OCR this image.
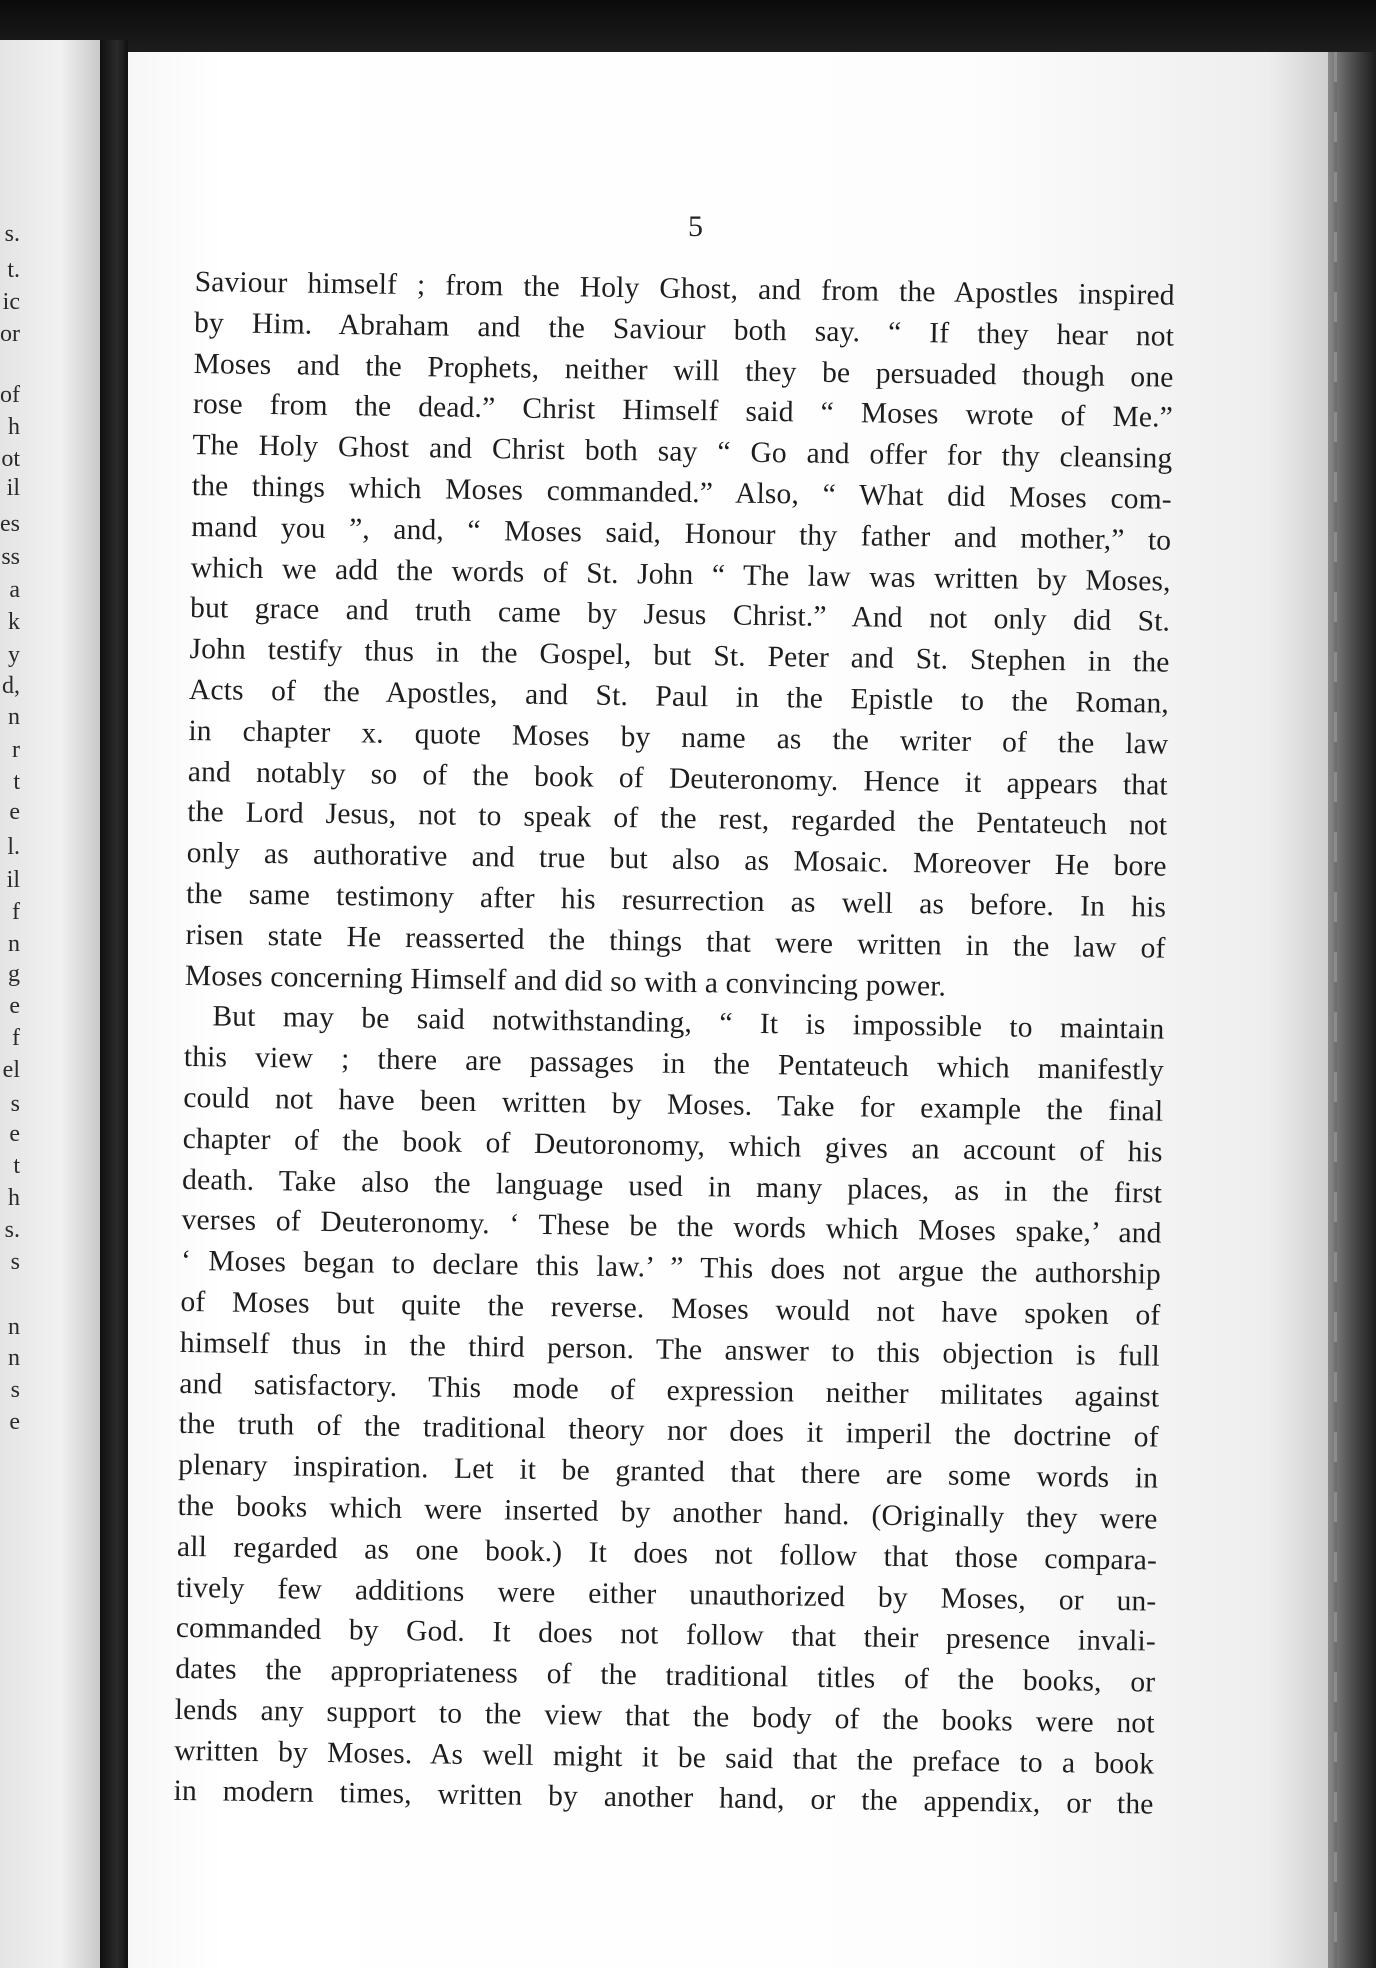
s.
t.
ic
or
of
h
ot
il
es
ss
a
k
y
d,
n
r
t
e
l.
il
f
n
g
e
f
el
s
e
t
h
s.
s
n
n
s
e
5
Saviour himself ; from the Holy Ghost, and from the Apostles inspired
by Him. Abraham and the Saviour both say. “ If they hear not
Moses and the Prophets, neither will they be persuaded though one
rose from the dead.” Christ Himself said “ Moses wrote of Me.”
The Holy Ghost and Christ both say “ Go and offer for thy cleansing
the things which Moses commanded.” Also, “ What did Moses com-
mand you ”, and, “ Moses said, Honour thy father and mother,” to
which we add the words of St. John “ The law was written by Moses,
but grace and truth came by Jesus Christ.” And not only did St.
John testify thus in the Gospel, but St. Peter and St. Stephen in the
Acts of the Apostles, and St. Paul in the Epistle to the Roman,
in chapter x. quote Moses by name as the writer of the law
and notably so of the book of Deuteronomy. Hence it appears that
the Lord Jesus, not to speak of the rest, regarded the Pentateuch not
only as authorative and true but also as Mosaic. Moreover He bore
the same testimony after his resurrection as well as before. In his
risen state He reasserted the things that were written in the law of
Moses concerning Himself and did so with a convincing power.
But may be said notwithstanding, “ It is impossible to maintain
this view ; there are passages in the Pentateuch which manifestly
could not have been written by Moses. Take for example the final
chapter of the book of Deutoronomy, which gives an account of his
death. Take also the language used in many places, as in the first
verses of Deuteronomy. ‘ These be the words which Moses spake,’ and
‘ Moses began to declare this law.’ ” This does not argue the authorship
of Moses but quite the reverse. Moses would not have spoken of
himself thus in the third person. The answer to this objection is full
and satisfactory. This mode of expression neither militates against
the truth of the traditional theory nor does it imperil the doctrine of
plenary inspiration. Let it be granted that there are some words in
the books which were inserted by another hand. (Originally they were
all regarded as one book.) It does not follow that those compara-
tively few additions were either unauthorized by Moses, or un-
commanded by God. It does not follow that their presence invali-
dates the appropriateness of the traditional titles of the books, or
lends any support to the view that the body of the books were not
written by Moses. As well might it be said that the preface to a book
in modern times, written by another hand, or the appendix, or the
